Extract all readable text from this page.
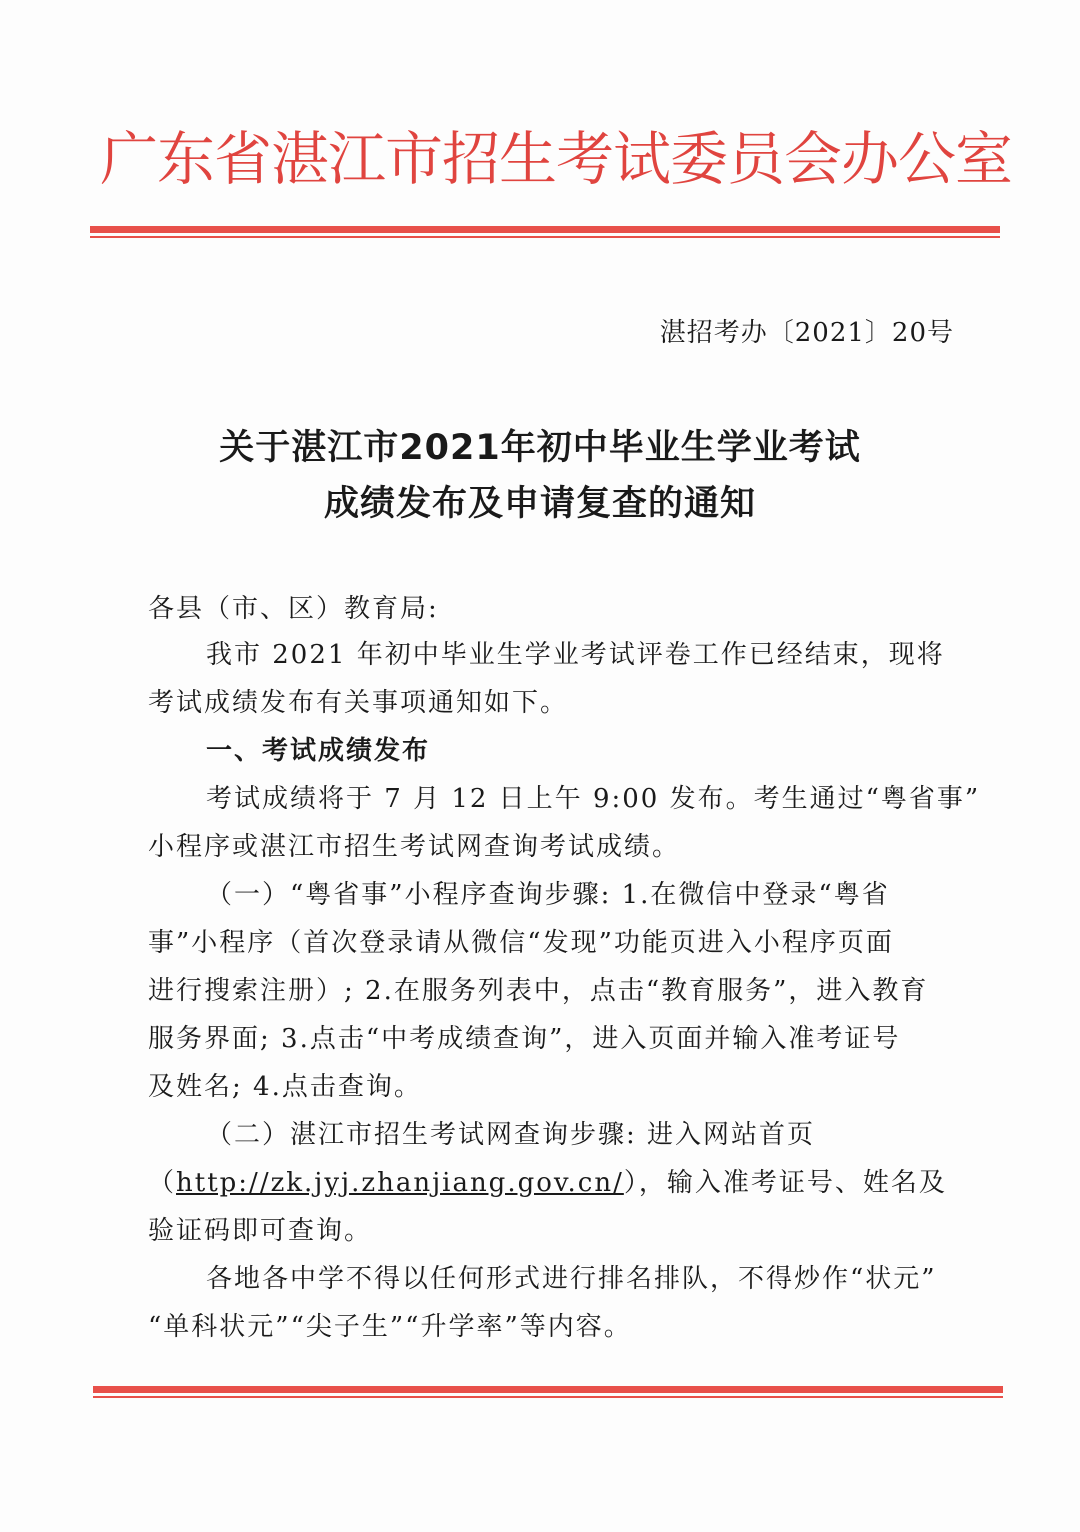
广东省湛江市招生考试委员会办公室
湛招考办〔2021〕20号
关于湛江市2021年初中毕业生学业考试
成绩发布及申请复查的通知
各县（市、区）教育局:
我市 2021 年初中毕业生学业考试评卷工作已经结束，现将
考试成绩发布有关事项通知如下。
一、考试成绩发布
考试成绩将于 7 月 12 日上午 9:00 发布。考生通过“粤省事”
小程序或湛江市招生考试网查询考试成绩。
（一）“粤省事”小程序查询步骤: 1.在微信中登录“粤省
事”小程序（首次登录请从微信“发现”功能页进入小程序页面
进行搜索注册）; 2.在服务列表中，点击“教育服务”，进入教育
服务界面; 3.点击“中考成绩查询”，进入页面并输入准考证号
及姓名; 4.点击查询。
（二）湛江市招生考试网查询步骤: 进入网站首页
（http://zk.jyj.zhanjiang.gov.cn/），输入准考证号、姓名及
验证码即可查询。
各地各中学不得以任何形式进行排名排队，不得炒作“状元”
“单科状元”“尖子生”“升学率”等内容。
